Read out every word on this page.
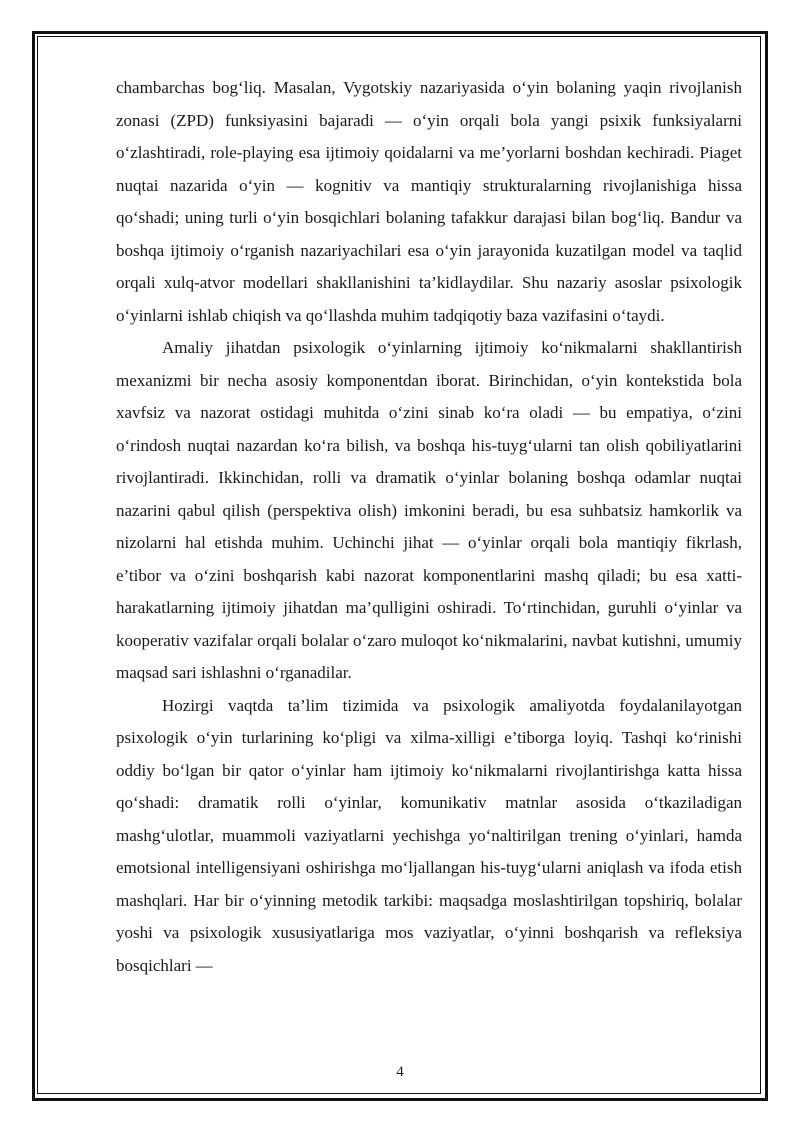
chambarchas bog‘liq. Masalan, Vygotskiy nazariyasida o‘yin bolaning yaqin rivojlanish zonasi (ZPD) funksiyasini bajaradi — o‘yin orqali bola yangi psixik funksiyalarni o‘zlashtiradi, role-playing esa ijtimoiy qoidalarni va me’yorlarni boshdan kechiradi. Piaget nuqtai nazarida o‘yin — kognitiv va mantiqiy strukturalarning rivojlanishiga hissa qo‘shadi; uning turli o‘yin bosqichlari bolaning tafakkur darajasi bilan bog‘liq. Bandur va boshqa ijtimoiy o‘rganish nazariyachilari esa o‘yin jarayonida kuzatilgan model va taqlid orqali xulq-atvor modellari shakllanishini ta’kidlaydilar. Shu nazariy asoslar psixologik o‘yinlarni ishlab chiqish va qo‘llashda muhim tadqiqotiy baza vazifasini o‘taydi.

Amaliy jihatdan psixologik o‘yinlarning ijtimoiy ko‘nikmalarni shakllantirish mexanizmi bir necha asosiy komponentdan iborat. Birinchidan, o‘yin kontekstida bola xavfsiz va nazorat ostidagi muhitda o‘zini sinab ko‘ra oladi — bu empatiya, o‘zini o‘rindosh nuqtai nazardan ko‘ra bilish, va boshqa his-tuyg‘ularni tan olish qobiliyatlarini rivojlantiradi. Ikkinchidan, rolli va dramatik o‘yinlar bolaning boshqa odamlar nuqtai nazarini qabul qilish (perspektiva olish) imkonini beradi, bu esa suhbatsiz hamkorlik va nizolarni hal etishda muhim. Uchinchi jihat — o‘yinlar orqali bola mantiqiy fikrlash, e’tibor va o‘zini boshqarish kabi nazorat komponentlarini mashq qiladi; bu esa xatti-harakatlarning ijtimoiy jihatdan ma’qulligini oshiradi. To‘rtinchidan, guruhli o‘yinlar va kooperativ vazifalar orqali bolalar o‘zaro muloqot ko‘nikmalarini, navbat kutishni, umumiy maqsad sari ishlashni o‘rganadilar.

Hozirgi vaqtda ta’lim tizimida va psixologik amaliyotda foydalanilayotgan psixologik o‘yin turlarining ko‘pligi va xilma-xilligi e’tiborga loyiq. Tashqi ko‘rinishi oddiy bo‘lgan bir qator o‘yinlar ham ijtimoiy ko‘nikmalarni rivojlantirishga katta hissa qo‘shadi: dramatik rolli o‘yinlar, komunikativ matnlar asosida o‘tkaziladigan mashg‘ulotlar, muammoli vaziyatlarni yechishga yo‘naltirilgan trening o‘yinlari, hamda emotsional intelligensiyani oshirishga mo‘ljallangan his-tuyg‘ularni aniqlash va ifoda etish mashqlari. Har bir o‘yinning metodik tarkibi: maqsadga moslashtirilgan topshiriq, bolalar yoshi va psixologik xususiyatlariga mos vaziyatlar, o‘yinni boshqarish va refleksiya bosqichlari —

4
